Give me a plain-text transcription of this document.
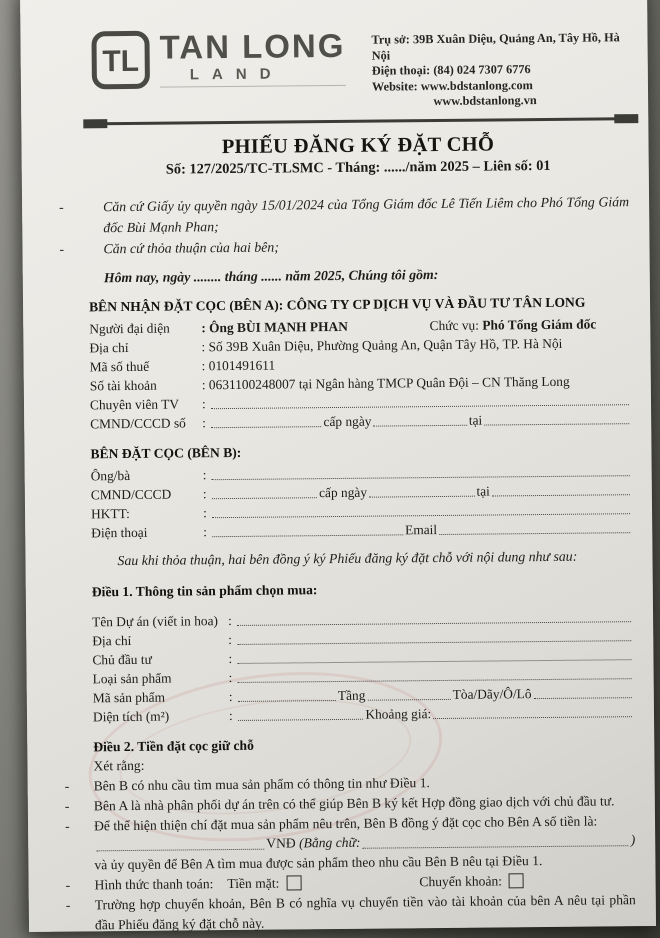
TL TAN LONG
LAND
Trụ sở: 39B Xuân Diệu, Quảng An, Tây Hồ, Hà Nội
Điện thoại: (84) 024 7307 6776
Website: www.bdstanlong.com
www.bdstanlong.vn
PHIẾU ĐĂNG KÝ ĐẶT CHỖ
Số: 127/2025/TC-TLSMC - Tháng: ....../năm 2025 – Liên số: 01
- Căn cứ Giấy ủy quyền ngày 15/01/2024 của Tổng Giám đốc Lê Tiến Liêm cho Phó Tổng Giám đốc Bùi Mạnh Phan;
- Căn cứ thỏa thuận của hai bên;
Hôm nay, ngày ........ tháng ...... năm 2025, Chúng tôi gồm:
BÊN NHẬN ĐẶT CỌC (BÊN A): CÔNG TY CP DỊCH VỤ VÀ ĐẦU TƯ TÂN LONG
Người đại diện	: Ông BÙI MẠNH PHAN	Chức vụ:
Phó Tổng Giám đốc
Địa chỉ	: Số 39B Xuân Diệu, Phường Quảng An, Quận Tây Hồ, TP. Hà Nội
Mã số thuế	: 0101491611
Số tài khoản	: 0631100248007 tại Ngân hàng TMCP Quân Đội – CN Thăng Long
Chuyên viên TV	:
CMND/CCCD số	:	cấp ngày	tại
BÊN ĐẶT CỌC (BÊN B):
Ông/bà	:
CMND/CCCD	:	cấp ngày	tại
HKTT:	:
Điện thoại	:	Email
Sau khi thỏa thuận, hai bên đồng ý ký Phiếu đăng ký đặt chỗ với nội dung như sau:
Điều 1. Thông tin sản phẩm chọn mua:
Tên Dự án (viết in hoa) :
Địa chỉ	:
Chủ đầu tư	:
Loại sản phẩm	:
Mã sản phẩm	:	Tầng	Tòa/Dãy/Ô/Lô
Diện tích (m²)	:	Khoảng giá:
Điều 2. Tiền đặt cọc giữ chỗ
Xét rằng:
- Bên B có nhu cầu tìm mua sản phẩm có thông tin như Điều 1.
- Bên A là nhà phân phối dự án trên có thể giúp Bên B ký kết Hợp đồng giao dịch với chủ đầu tư.
- Để thể hiện thiện chí đặt mua sản phẩm nêu trên, Bên B đồng ý đặt cọc cho Bên A số tiền là:
VNĐ
(Bằng chữ:	)
và ủy quyền để Bên A tìm mua được sản phẩm theo nhu cầu Bên B nêu tại Điều 1.
- Hình thức thanh toán: Tiền mặt:	Chuyển khoản:
- Trường hợp chuyển khoản, Bên B có nghĩa vụ chuyển tiền vào tài khoản của bên A nêu tại phần đầu Phiếu đăng ký đặt chỗ này.
